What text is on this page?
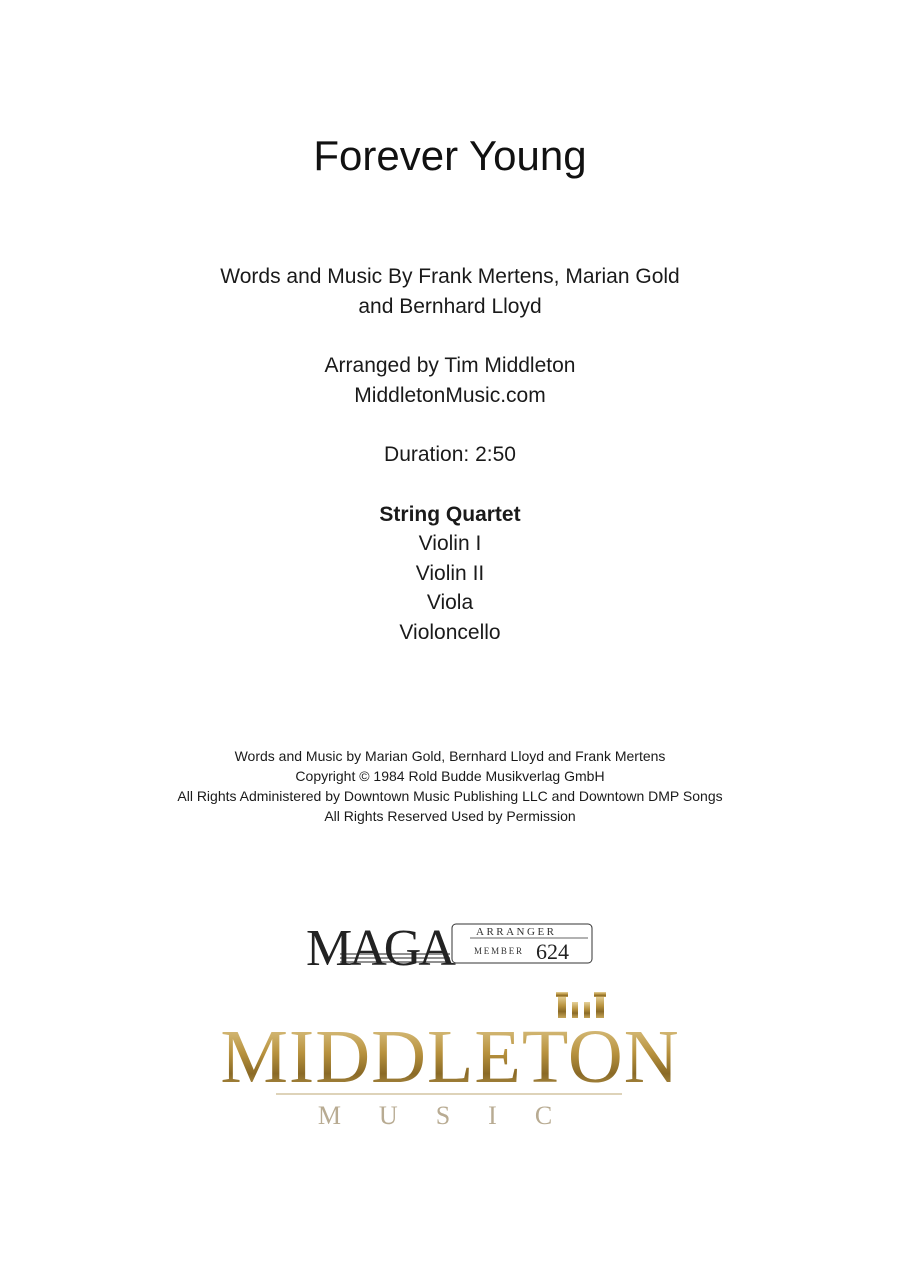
Forever Young
Words and Music By Frank Mertens, Marian Gold
and Bernhard Lloyd
Arranged by Tim Middleton
MiddletonMusic.com
Duration: 2:50
String Quartet
Violin I
Violin II
Viola
Violoncello
Words and Music by Marian Gold, Bernhard Lloyd and Frank Mertens
Copyright © 1984 Rold Budde Musikverlag GmbH
All Rights Administered by Downtown Music Publishing LLC and Downtown DMP Songs
All Rights Reserved Used by Permission
MAGA	ARRANGER
MEMBER 624
MIDDLETON
MUSIC
